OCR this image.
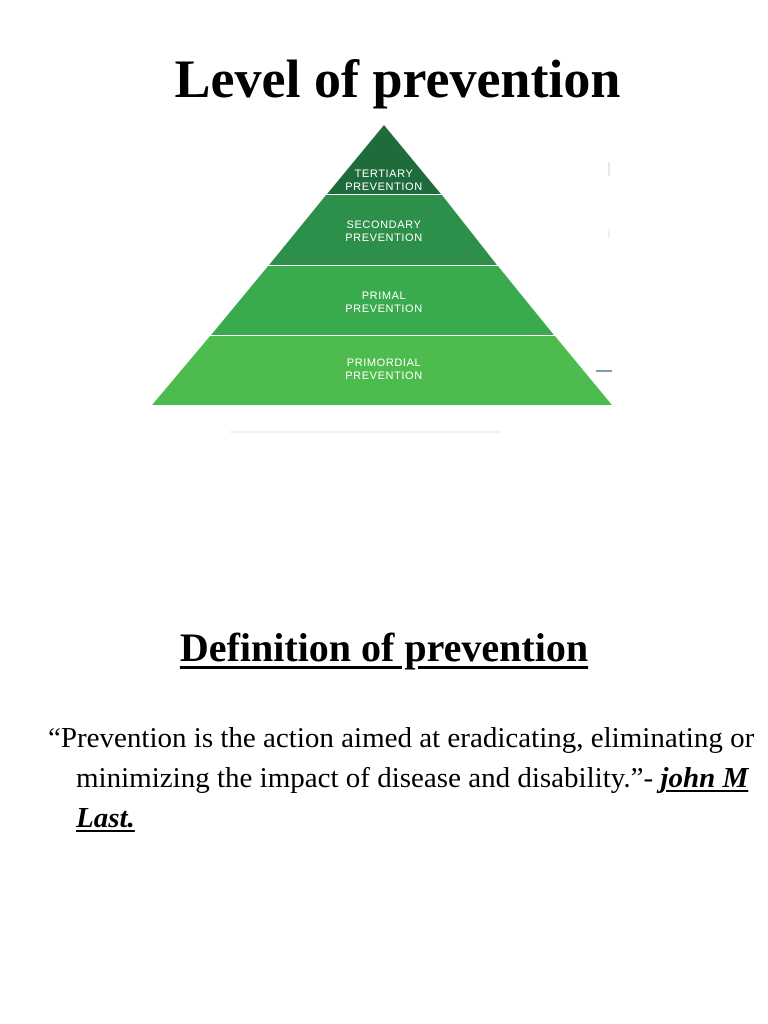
Level of prevention
TERTIARY
PREVENTION
SECONDARY
PREVENTION
PRIMAL
PREVENTION
PRIMORDIAL
PREVENTION
Definition of prevention

“Prevention is the action aimed at eradicating, eliminating or minimizing the impact of disease and disability.”- john M Last.
